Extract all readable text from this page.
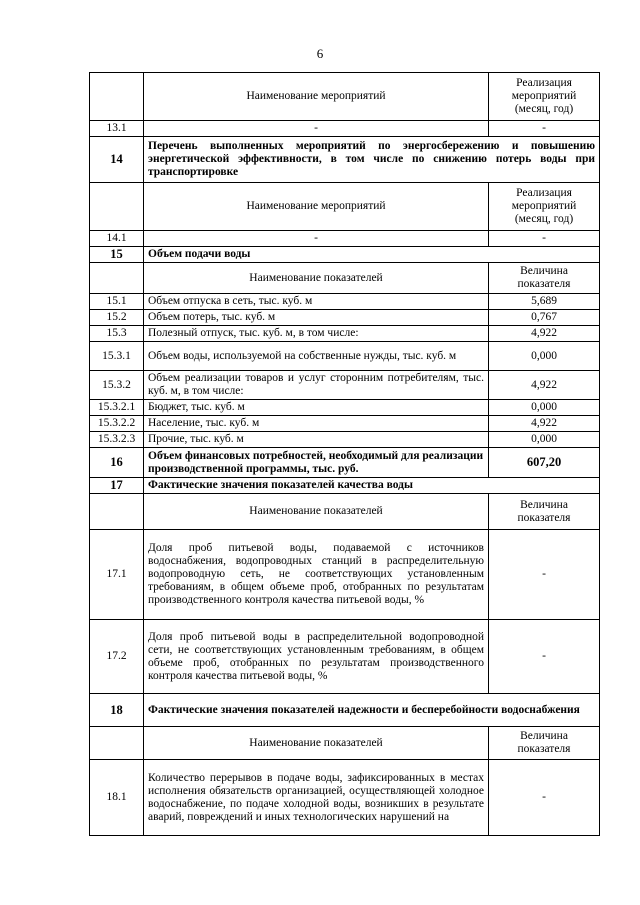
6
	Наименование мероприятий	Реализация мероприятий (месяц, год)
13.1	-	-
14	Перечень выполненных мероприятий по энергосбережению и повышению энергетической эффективности, в том числе по снижению потерь воды при транспортировке	
	Наименование мероприятий	Реализация мероприятий (месяц, год)
14.1	-	-
15	Объем подачи воды	
	Наименование показателей	Величина показателя
15.1	Объем отпуска в сеть, тыс. куб. м	5,689
15.2	Объем потерь, тыс. куб. м	0,767
15.3	Полезный отпуск, тыс. куб. м, в том числе:	4,922
15.3.1	Объем воды, используемой на собственные нужды, тыс. куб. м	0,000
15.3.2	Объем реализации товаров и услуг сторонним потребителям, тыс. куб. м, в том числе:	4,922
15.3.2.1	Бюджет, тыс. куб. м	0,000
15.3.2.2	Население, тыс. куб. м	4,922
15.3.2.3	Прочие, тыс. куб. м	0,000
16	Объем финансовых потребностей, необходимый для реализации производственной программы, тыс. руб.	607,20
17	Фактические значения показателей качества воды	
	Наименование показателей	Величина показателя
17.1	Доля проб питьевой воды, подаваемой с источников водоснабжения, водопроводных станций в распределительную водопроводную сеть, не соответствующих установленным требованиям, в общем объеме проб, отобранных по результатам производственного контроля качества питьевой воды, %	-
17.2	Доля проб питьевой воды в распределительной водопроводной сети, не соответствующих установленным требованиям, в общем объеме проб, отобранных по результатам производственного контроля качества питьевой воды, %	-
18	Фактические значения показателей надежности и бесперебойности водоснабжения	
	Наименование показателей	Величина показателя
18.1	Количество перерывов в подаче воды, зафиксированных в местах исполнения обязательств организацией, осуществляющей холодное водоснабжение, по подаче холодной воды, возникших в результате аварий, повреждений и иных технологических нарушений на	-
